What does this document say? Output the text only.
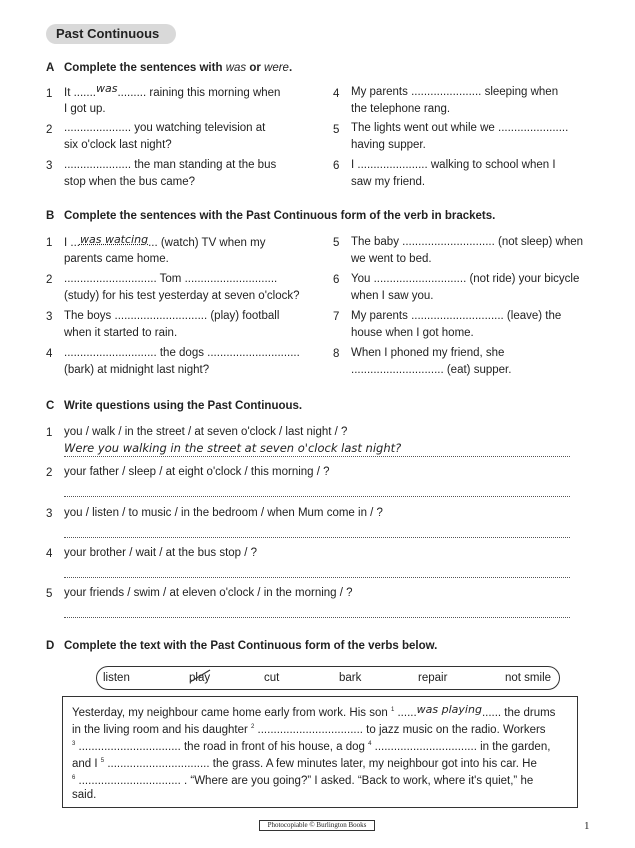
Past Continuous
A Complete the sentences with was or were.
1 It .......was......... raining this morning when
I got up.
2 ..................... you watching television at
six o'clock last night?
3 ..................... the man standing at the bus
stop when the bus came?
4 My parents ...................... sleeping when
the telephone rang.
5 The lights went out while we ......................
having supper.
6 I ...................... walking to school when I
saw my friend.
B Complete the sentences with the Past Continuous form of the verb in brackets.
1 I ...was watcing... (watch) TV when my
parents came home.
2 ............................. Tom .............................
(study) for his test yesterday at seven o'clock?
3 The boys ............................. (play) football
when it started to rain.
4 ............................. the dogs .............................
(bark) at midnight last night?
5 The baby ............................. (not sleep) when
we went to bed.
6 You ............................. (not ride) your bicycle
when I saw you.
7 My parents ............................. (leave) the
house when I got home.
8 When I phoned my friend, she
............................. (eat) supper.
C Write questions using the Past Continuous.
1 you / walk / in the street / at seven o'clock / last night / ?
Were you walking in the street at seven o'clock last night?
2 your father / sleep / at eight o'clock / this morning / ?
3 you / listen / to music / in the bedroom / when Mum come in / ?
4 your brother / wait / at the bus stop / ?
5 your friends / swim / at eleven o'clock / in the morning / ?
D Complete the text with the Past Continuous form of the verbs below.
listen	play	cut	bark	repair	not smile
Yesterday, my neighbour came home early from work. His son $^1$ ......was playing...... the drums
in the living room and his daughter $^2$ ................................. to jazz music on the radio. Workers
$^3$ ................................ the road in front of his house, a dog $^4$ ................................ in the garden,
and I $^5$ ................................ the grass. A few minutes later, my neighbour got into his car. He
$^6$ ................................ . “Where are you going?” I asked. “Back to work, where it's quiet,” he
said.
Photocopiable © Burlington Books	1
